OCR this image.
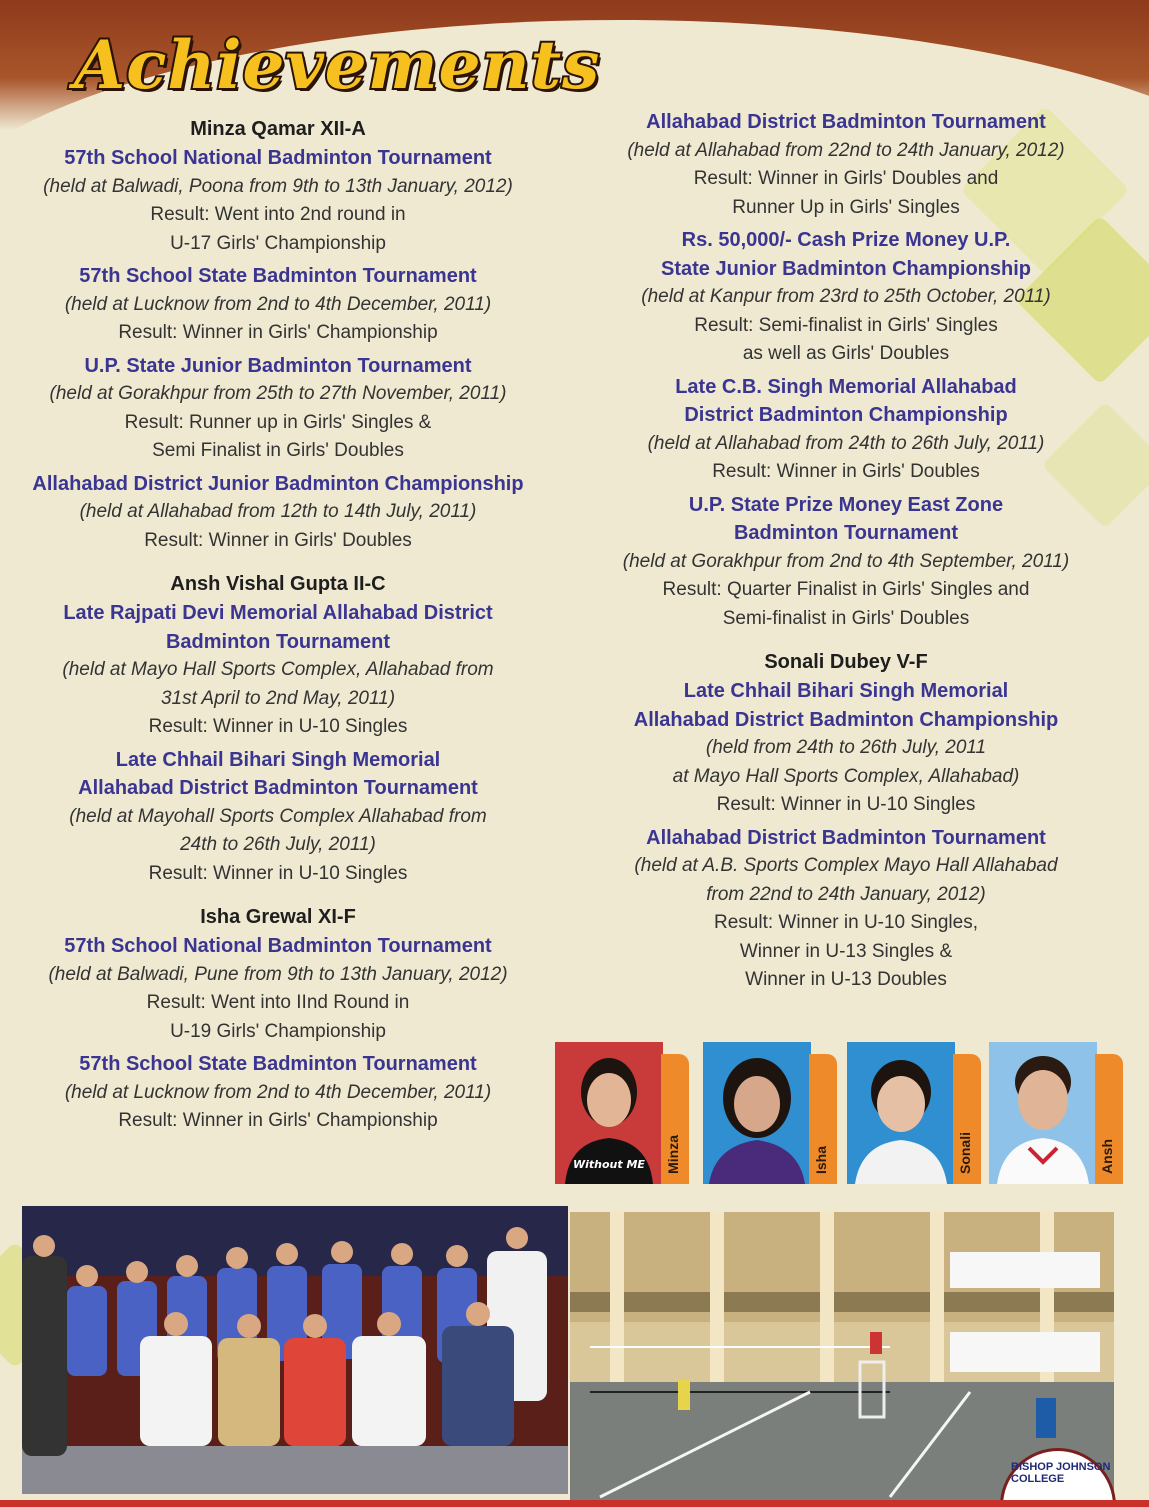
Achievements
Minza Qamar XII-A
57th School National Badminton Tournament
(held at Balwadi, Poona from 9th to 13th January, 2012)
Result: Went into 2nd round in
U-17 Girls' Championship
57th School State Badminton Tournament
(held at Lucknow from 2nd to 4th December, 2011)
Result: Winner in Girls' Championship
U.P. State Junior Badminton Tournament
(held at Gorakhpur from 25th to 27th November, 2011)
Result: Runner up in Girls' Singles &
Semi Finalist in Girls' Doubles
Allahabad District Junior Badminton Championship
(held at Allahabad from 12th to 14th July, 2011)
Result: Winner in Girls' Doubles
Ansh Vishal Gupta II-C
Late Rajpati Devi Memorial Allahabad District
Badminton Tournament
(held at Mayo Hall Sports Complex, Allahabad from
31st April to 2nd May, 2011)
Result: Winner in U-10 Singles
Late Chhail Bihari Singh Memorial
Allahabad District Badminton Tournament
(held at Mayohall Sports Complex Allahabad from
24th to 26th July, 2011)
Result: Winner in U-10 Singles
Isha Grewal XI-F
57th School National Badminton Tournament
(held at Balwadi, Pune from 9th to 13th January, 2012)
Result: Went into IInd Round in
U-19 Girls' Championship
57th School State Badminton Tournament
(held at Lucknow from 2nd to 4th December, 2011)
Result: Winner in Girls' Championship
Allahabad District Badminton Tournament
(held at Allahabad from 22nd to 24th January, 2012)
Result: Winner in Girls' Doubles and
Runner Up in Girls' Singles
Rs. 50,000/- Cash Prize Money U.P.
State Junior Badminton Championship
(held at Kanpur from 23rd to 25th October, 2011)
Result: Semi-finalist in Girls' Singles
as well as Girls' Doubles
Late C.B. Singh Memorial Allahabad
District Badminton Championship
(held at Allahabad from 24th to 26th July, 2011)
Result: Winner in Girls' Doubles
U.P. State Prize Money East Zone
Badminton Tournament
(held at Gorakhpur from 2nd to 4th September, 2011)
Result: Quarter Finalist in Girls' Singles and
Semi-finalist in Girls' Doubles
Sonali Dubey V-F
Late Chhail Bihari Singh Memorial
Allahabad District Badminton Championship
(held from 24th to 26th July, 2011
at Mayo Hall Sports Complex, Allahabad)
Result: Winner in U-10 Singles
Allahabad District Badminton Tournament
(held at A.B. Sports Complex Mayo Hall Allahabad
from 22nd to 24th January, 2012)
Result: Winner in U-10 Singles,
Winner in U-13 Singles &
Winner in U-13 Doubles
Without ME Minza	Isha	Sonali	Ansh
BISHOP JOHNSON COLLEGE
